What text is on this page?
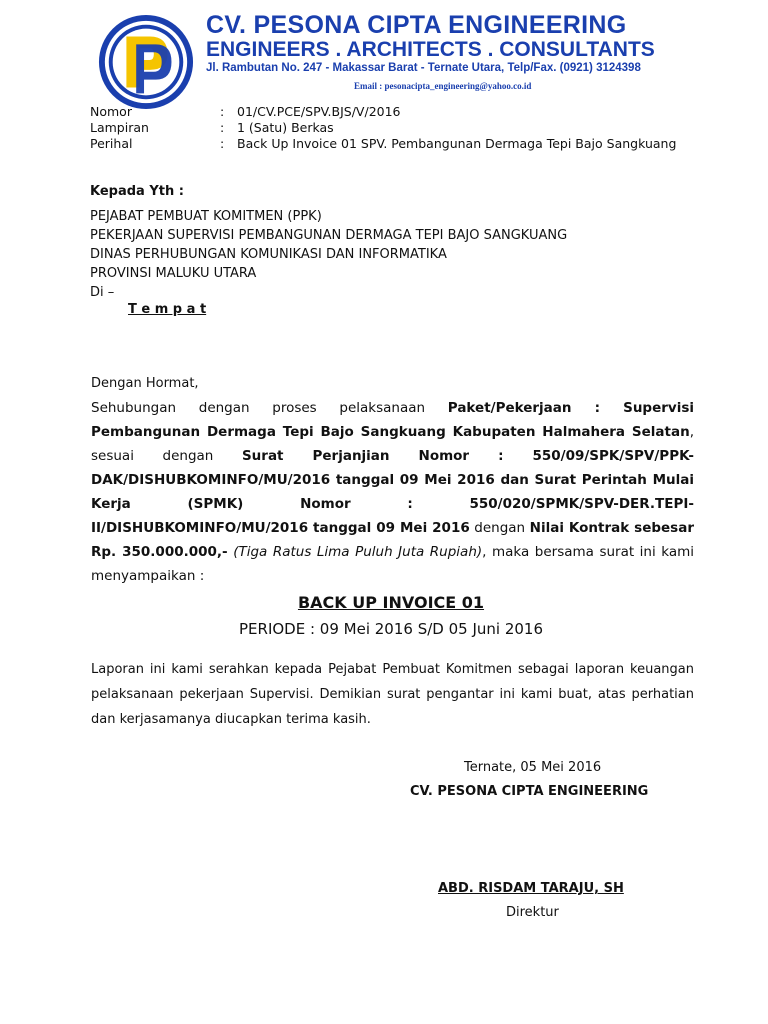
CV. PESONA CIPTA ENGINEERING
ENGINEERS . ARCHITECTS . CONSULTANTS
Jl. Rambutan No. 247 - Makassar Barat - Ternate Utara, Telp/Fax. (0921) 3124398
Email : pesonacipta_engineering@yahoo.co.id
Nomor	: 01/CV.PCE/SPV.BJS/V/2016
Lampiran	: 1 (Satu) Berkas
Perihal	: Back Up Invoice 01 SPV. Pembangunan Dermaga Tepi Bajo Sangkuang
Kepada Yth :
PEJABAT PEMBUAT KOMITMEN (PPK)
PEKERJAAN SUPERVISI PEMBANGUNAN DERMAGA TEPI BAJO SANGKUANG
DINAS PERHUBUNGAN KOMUNIKASI DAN INFORMATIKA
PROVINSI MALUKU UTARA
Di –
T e m p a t
Dengan Hormat,
Sehubungan dengan proses pelaksanaan Paket/Pekerjaan : Supervisi Pembangunan Dermaga Tepi Bajo Sangkuang Kabupaten Halmahera Selatan, sesuai dengan Surat Perjanjian Nomor : 550/09/SPK/SPV/PPK-DAK/DISHUBKOMINFO/MU/2016 tanggal 09 Mei 2016 dan Surat Perintah Mulai Kerja (SPMK) Nomor : 550/020/SPMK/SPV-DER.TEPI-II/DISHUBKOMINFO/MU/2016 tanggal 09 Mei 2016 dengan Nilai Kontrak sebesar Rp. 350.000.000,- (Tiga Ratus Lima Puluh Juta Rupiah), maka bersama surat ini kami menyampaikan :
BACK UP INVOICE 01
PERIODE : 09 Mei 2016 S/D 05 Juni 2016
Laporan ini kami serahkan kepada Pejabat Pembuat Komitmen sebagai laporan keuangan pelaksanaan pekerjaan Supervisi. Demikian surat pengantar ini kami buat, atas perhatian dan kerjasamanya diucapkan terima kasih.
Ternate, 05 Mei 2016
CV. PESONA CIPTA ENGINEERING
ABD. RISDAM TARAJU, SH
Direktur
